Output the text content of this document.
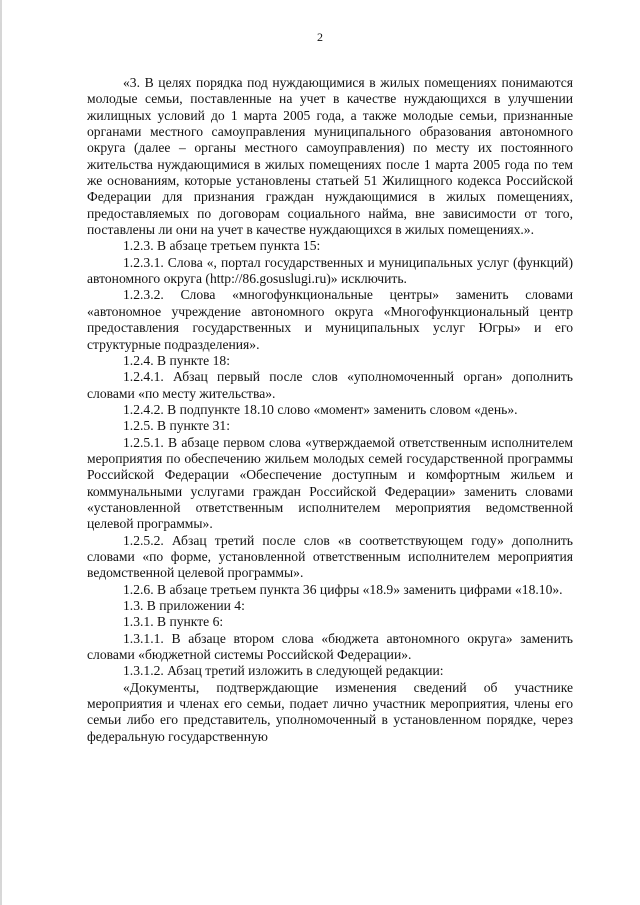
2

«3. В целях порядка под нуждающимися в жилых помещениях понимаются молодые семьи, поставленные на учет в качестве нуждающихся в улучшении жилищных условий до 1 марта 2005 года, а также молодые семьи, признанные органами местного самоуправления муниципального образования автономного округа (далее – органы местного самоуправления) по месту их постоянного жительства нуждающимися в жилых помещениях после 1 марта 2005 года по тем же основаниям, которые установлены статьей 51 Жилищного кодекса Российской Федерации для признания граждан нуждающимися в жилых помещениях, предоставляемых по договорам социального найма, вне зависимости от того, поставлены ли они на учет в качестве нуждающихся в жилых помещениях.».

1.2.3. В абзаце третьем пункта 15:

1.2.3.1. Слова «, портал государственных и муниципальных услуг (функций) автономного округа (http://86.gosuslugi.ru)» исключить.

1.2.3.2. Слова «многофункциональные центры» заменить словами «автономное учреждение автономного округа «Многофункциональный центр предоставления государственных и муниципальных услуг Югры» и его структурные подразделения».

1.2.4. В пункте 18:

1.2.4.1. Абзац первый после слов «уполномоченный орган» дополнить словами «по месту жительства».

1.2.4.2. В подпункте 18.10 слово «момент» заменить словом «день».

1.2.5. В пункте 31:

1.2.5.1. В абзаце первом слова «утверждаемой ответственным исполнителем мероприятия по обеспечению жильем молодых семей государственной программы Российской Федерации «Обеспечение доступным и комфортным жильем и коммунальными услугами граждан Российской Федерации» заменить словами «установленной ответственным исполнителем мероприятия ведомственной целевой программы».

1.2.5.2. Абзац третий после слов «в соответствующем году» дополнить словами «по форме, установленной ответственным исполнителем мероприятия ведомственной целевой программы».

1.2.6. В абзаце третьем пункта 36 цифры «18.9» заменить цифрами «18.10».

1.3. В приложении 4:

1.3.1. В пункте 6:

1.3.1.1. В абзаце втором слова «бюджета автономного округа» заменить словами «бюджетной системы Российской Федерации».

1.3.1.2. Абзац третий изложить в следующей редакции:

«Документы, подтверждающие изменения сведений об участнике мероприятия и членах его семьи, подает лично участник мероприятия, члены его семьи либо его представитель, уполномоченный в установленном порядке, через федеральную государственную
